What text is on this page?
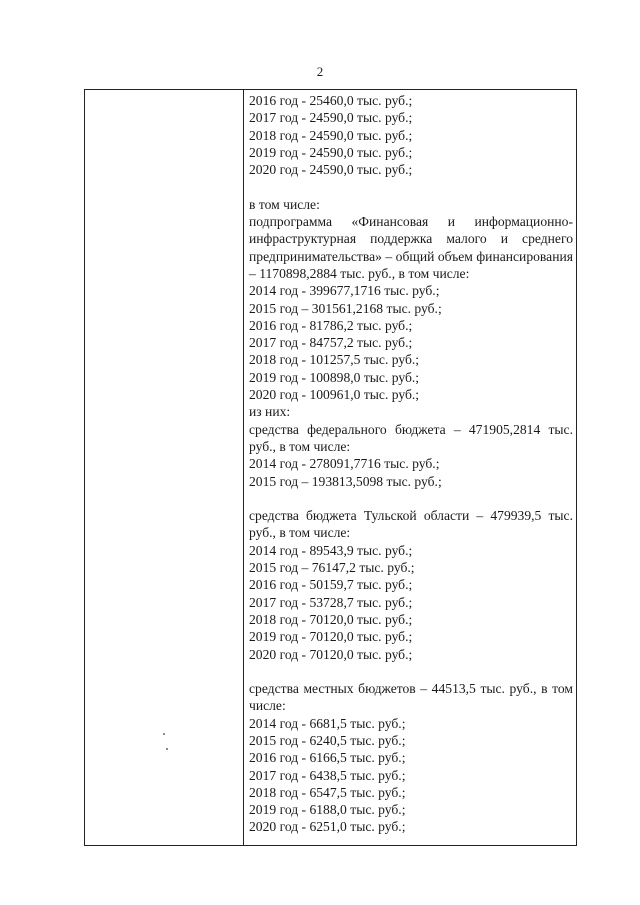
2
2016 год - 25460,0 тыс. руб.;
2017 год - 24590,0 тыс. руб.;
2018 год - 24590,0 тыс. руб.;
2019 год - 24590,0 тыс. руб.;
2020 год - 24590,0 тыс. руб.;
в том числе:
подпрограмма «Финансовая и информационно-инфраструктурная поддержка малого и среднего предпринимательства» – общий объем финансирования – 1170898,2884 тыс. руб., в том числе:
2014 год - 399677,1716 тыс. руб.;
2015 год – 301561,2168 тыс. руб.;
2016 год - 81786,2 тыс. руб.;
2017 год - 84757,2 тыс. руб.;
2018 год - 101257,5 тыс. руб.;
2019 год - 100898,0 тыс. руб.;
2020 год - 100961,0 тыс. руб.;
из них:
средства федерального бюджета – 471905,2814 тыс. руб., в том числе:
2014 год - 278091,7716 тыс. руб.;
2015 год – 193813,5098 тыс. руб.;
средства бюджета Тульской области – 479939,5 тыс. руб., в том числе:
2014 год - 89543,9 тыс. руб.;
2015 год – 76147,2 тыс. руб.;
2016 год - 50159,7 тыс. руб.;
2017 год - 53728,7 тыс. руб.;
2018 год - 70120,0 тыс. руб.;
2019 год - 70120,0 тыс. руб.;
2020 год - 70120,0 тыс. руб.;
средства местных бюджетов – 44513,5 тыс. руб., в том числе:
2014 год - 6681,5 тыс. руб.;
2015 год - 6240,5 тыс. руб.;
2016 год - 6166,5 тыс. руб.;
2017 год - 6438,5 тыс. руб.;
2018 год - 6547,5 тыс. руб.;
2019 год - 6188,0 тыс. руб.;
2020 год - 6251,0 тыс. руб.;
